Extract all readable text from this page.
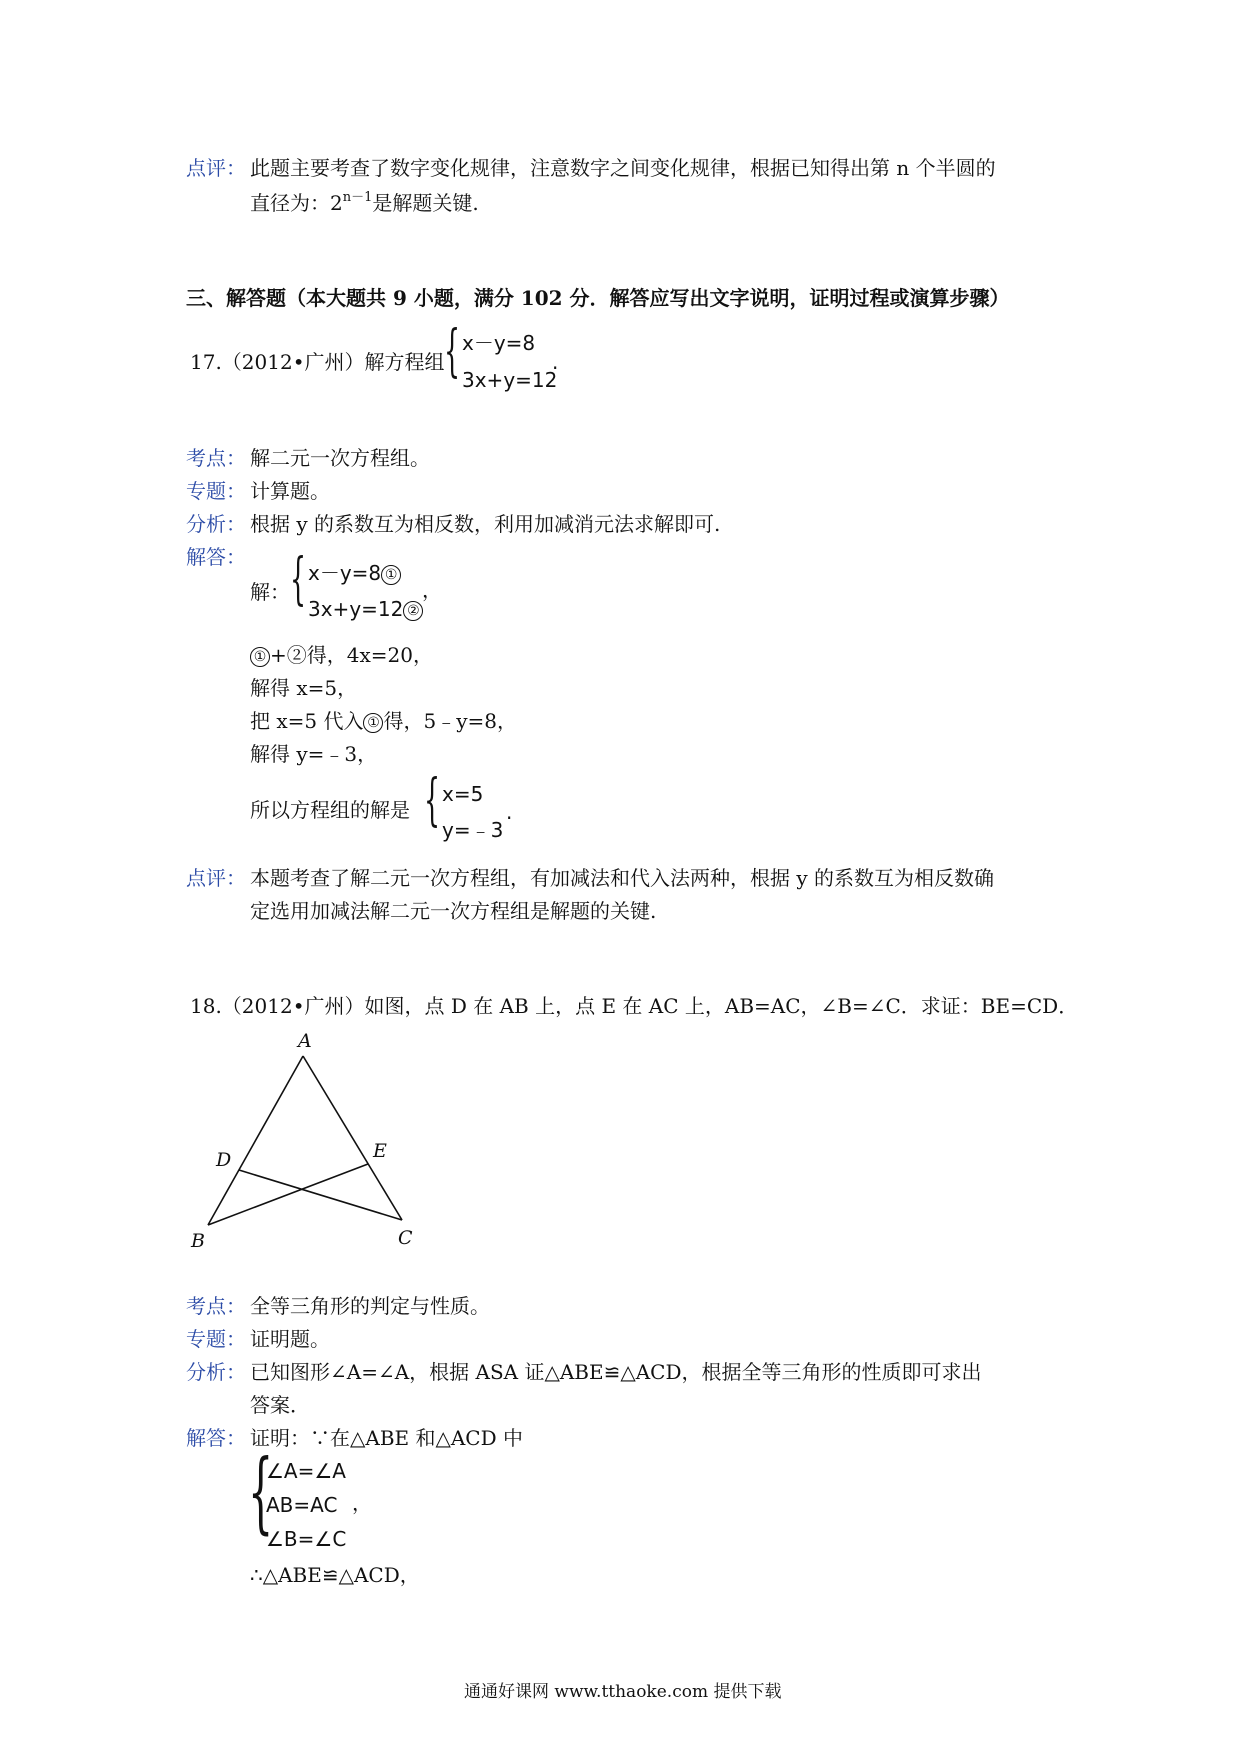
点评： 此题主要考查了数字变化规律，注意数字之间变化规律，根据已知得出第 n 个半圆的
直径为：$2^{n-1}$是解题关键.
三、解答题（本大题共 9 小题，满分 102 分．解答应写出文字说明，证明过程或演算步骤）
17.（2012•广州）解方程组 { x－y=8
3x+y=12
.
考点： 解二元一次方程组。
专题： 计算题。
分析： 根据 y 的系数互为相反数，利用加减消元法求解即可.
解答：
解： { x－y=8 ①
3x+y=12 ②
，
① +②得，4x=20，
解得 x=5，
把 x=5 代入 ① 得，5﹣y=8，
解得 y=﹣3，
所以方程组的解是 { x=5
y=﹣3
.
点评： 本题考查了解二元一次方程组，有加减法和代入法两种，根据 y 的系数互为相反数确
定选用加减法解二元一次方程组是解题的关键.
18.（2012•广州）如图，点 D 在 AB 上，点 E 在 AC 上，AB=AC，∠B=∠C．求证：BE=CD．
A
B	C
D	E
考点： 全等三角形的判定与性质。
专题： 证明题。
分析： 已知图形∠A=∠A，根据 ASA 证△ABE≌△ACD，根据全等三角形的性质即可求出
答案．
解答： 证明：∵在△ABE 和△ACD 中
{
∠A=∠A
AB=AC
∠B=∠C
，
∴△ABE≌△ACD，
通通好课网 www.tthaoke.com 提供下载
